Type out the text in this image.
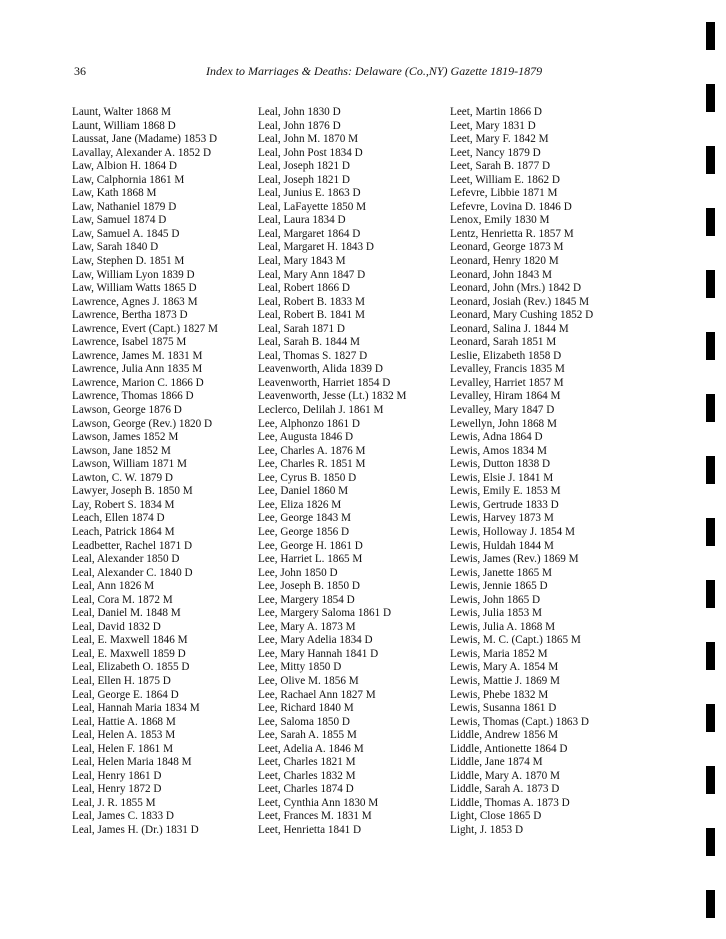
36	Index to Marriages & Deaths: Delaware (Co.,NY) Gazette 1819-1879
Launt, Walter 1868 M
Launt, William 1868 D
Laussat, Jane (Madame) 1853 D
Lavallay, Alexander A. 1852 D
Law, Albion H. 1864 D
Law, Calphornia 1861 M
Law, Kath 1868 M
Law, Nathaniel 1879 D
Law, Samuel 1874 D
Law, Samuel A. 1845 D
Law, Sarah 1840 D
Law, Stephen D. 1851 M
Law, William Lyon 1839 D
Law, William Watts 1865 D
Lawrence, Agnes J. 1863 M
Lawrence, Bertha 1873 D
Lawrence, Evert (Capt.) 1827 M
Lawrence, Isabel 1875 M
Lawrence, James M. 1831 M
Lawrence, Julia Ann 1835 M
Lawrence, Marion C. 1866 D
Lawrence, Thomas 1866 D
Lawson, George 1876 D
Lawson, George (Rev.) 1820 D
Lawson, James 1852 M
Lawson, Jane 1852 M
Lawson, William 1871 M
Lawton, C. W. 1879 D
Lawyer, Joseph B. 1850 M
Lay, Robert S. 1834 M
Leach, Ellen 1874 D
Leach, Patrick 1864 M
Leadbetter, Rachel 1871 D
Leal, Alexander 1850 D
Leal, Alexander C. 1840 D
Leal, Ann 1826 M
Leal, Cora M. 1872 M
Leal, Daniel M. 1848 M
Leal, David 1832 D
Leal, E. Maxwell 1846 M
Leal, E. Maxwell 1859 D
Leal, Elizabeth O. 1855 D
Leal, Ellen H. 1875 D
Leal, George E. 1864 D
Leal, Hannah Maria 1834 M
Leal, Hattie A. 1868 M
Leal, Helen A. 1853 M
Leal, Helen F. 1861 M
Leal, Helen Maria 1848 M
Leal, Henry 1861 D
Leal, Henry 1872 D
Leal, J. R. 1855 M
Leal, James C. 1833 D
Leal, James H. (Dr.) 1831 D
Leal, John 1830 D
Leal, John 1876 D
Leal, John M. 1870 M
Leal, John Post 1834 D
Leal, Joseph 1821 D
Leal, Joseph 1821 D
Leal, Junius E. 1863 D
Leal, LaFayette 1850 M
Leal, Laura 1834 D
Leal, Margaret 1864 D
Leal, Margaret H. 1843 D
Leal, Mary 1843 M
Leal, Mary Ann 1847 D
Leal, Robert 1866 D
Leal, Robert B. 1833 M
Leal, Robert B. 1841 M
Leal, Sarah 1871 D
Leal, Sarah B. 1844 M
Leal, Thomas S. 1827 D
Leavenworth, Alida 1839 D
Leavenworth, Harriet 1854 D
Leavenworth, Jesse (Lt.) 1832 M
Leclerco, Delilah J. 1861 M
Lee, Alphonzo 1861 D
Lee, Augusta 1846 D
Lee, Charles A. 1876 M
Lee, Charles R. 1851 M
Lee, Cyrus B. 1850 D
Lee, Daniel 1860 M
Lee, Eliza 1826 M
Lee, George 1843 M
Lee, George 1856 D
Lee, George H. 1861 D
Lee, Harriet L. 1865 M
Lee, John 1850 D
Lee, Joseph B. 1850 D
Lee, Margery 1854 D
Lee, Margery Saloma 1861 D
Lee, Mary A. 1873 M
Lee, Mary Adelia 1834 D
Lee, Mary Hannah 1841 D
Lee, Mitty 1850 D
Lee, Olive M. 1856 M
Lee, Rachael Ann 1827 M
Lee, Richard 1840 M
Lee, Saloma 1850 D
Lee, Sarah A. 1855 M
Leet, Adelia A. 1846 M
Leet, Charles 1821 M
Leet, Charles 1832 M
Leet, Charles 1874 D
Leet, Cynthia Ann 1830 M
Leet, Frances M. 1831 M
Leet, Henrietta 1841 D
Leet, Martin 1866 D
Leet, Mary 1831 D
Leet, Mary F. 1842 M
Leet, Nancy 1879 D
Leet, Sarah B. 1877 D
Leet, William E. 1862 D
Lefevre, Libbie 1871 M
Lefevre, Lovina D. 1846 D
Lenox, Emily 1830 M
Lentz, Henrietta R. 1857 M
Leonard, George 1873 M
Leonard, Henry 1820 M
Leonard, John 1843 M
Leonard, John (Mrs.) 1842 D
Leonard, Josiah (Rev.) 1845 M
Leonard, Mary Cushing 1852 D
Leonard, Salina J. 1844 M
Leonard, Sarah 1851 M
Leslie, Elizabeth 1858 D
Levalley, Francis 1835 M
Levalley, Harriet 1857 M
Levalley, Hiram 1864 M
Levalley, Mary 1847 D
Lewellyn, John 1868 M
Lewis, Adna 1864 D
Lewis, Amos 1834 M
Lewis, Dutton 1838 D
Lewis, Elsie J. 1841 M
Lewis, Emily E. 1853 M
Lewis, Gertrude 1833 D
Lewis, Harvey 1873 M
Lewis, Holloway J. 1854 M
Lewis, Huldah 1844 M
Lewis, James (Rev.) 1869 M
Lewis, Janette 1865 M
Lewis, Jennie 1865 D
Lewis, John 1865 D
Lewis, Julia 1853 M
Lewis, Julia A. 1868 M
Lewis, M. C. (Capt.) 1865 M
Lewis, Maria 1852 M
Lewis, Mary A. 1854 M
Lewis, Mattie J. 1869 M
Lewis, Phebe 1832 M
Lewis, Susanna 1861 D
Lewis, Thomas (Capt.) 1863 D
Liddle, Andrew 1856 M
Liddle, Antionette 1864 D
Liddle, Jane 1874 M
Liddle, Mary A. 1870 M
Liddle, Sarah A. 1873 D
Liddle, Thomas A. 1873 D
Light, Close 1865 D
Light, J. 1853 D
